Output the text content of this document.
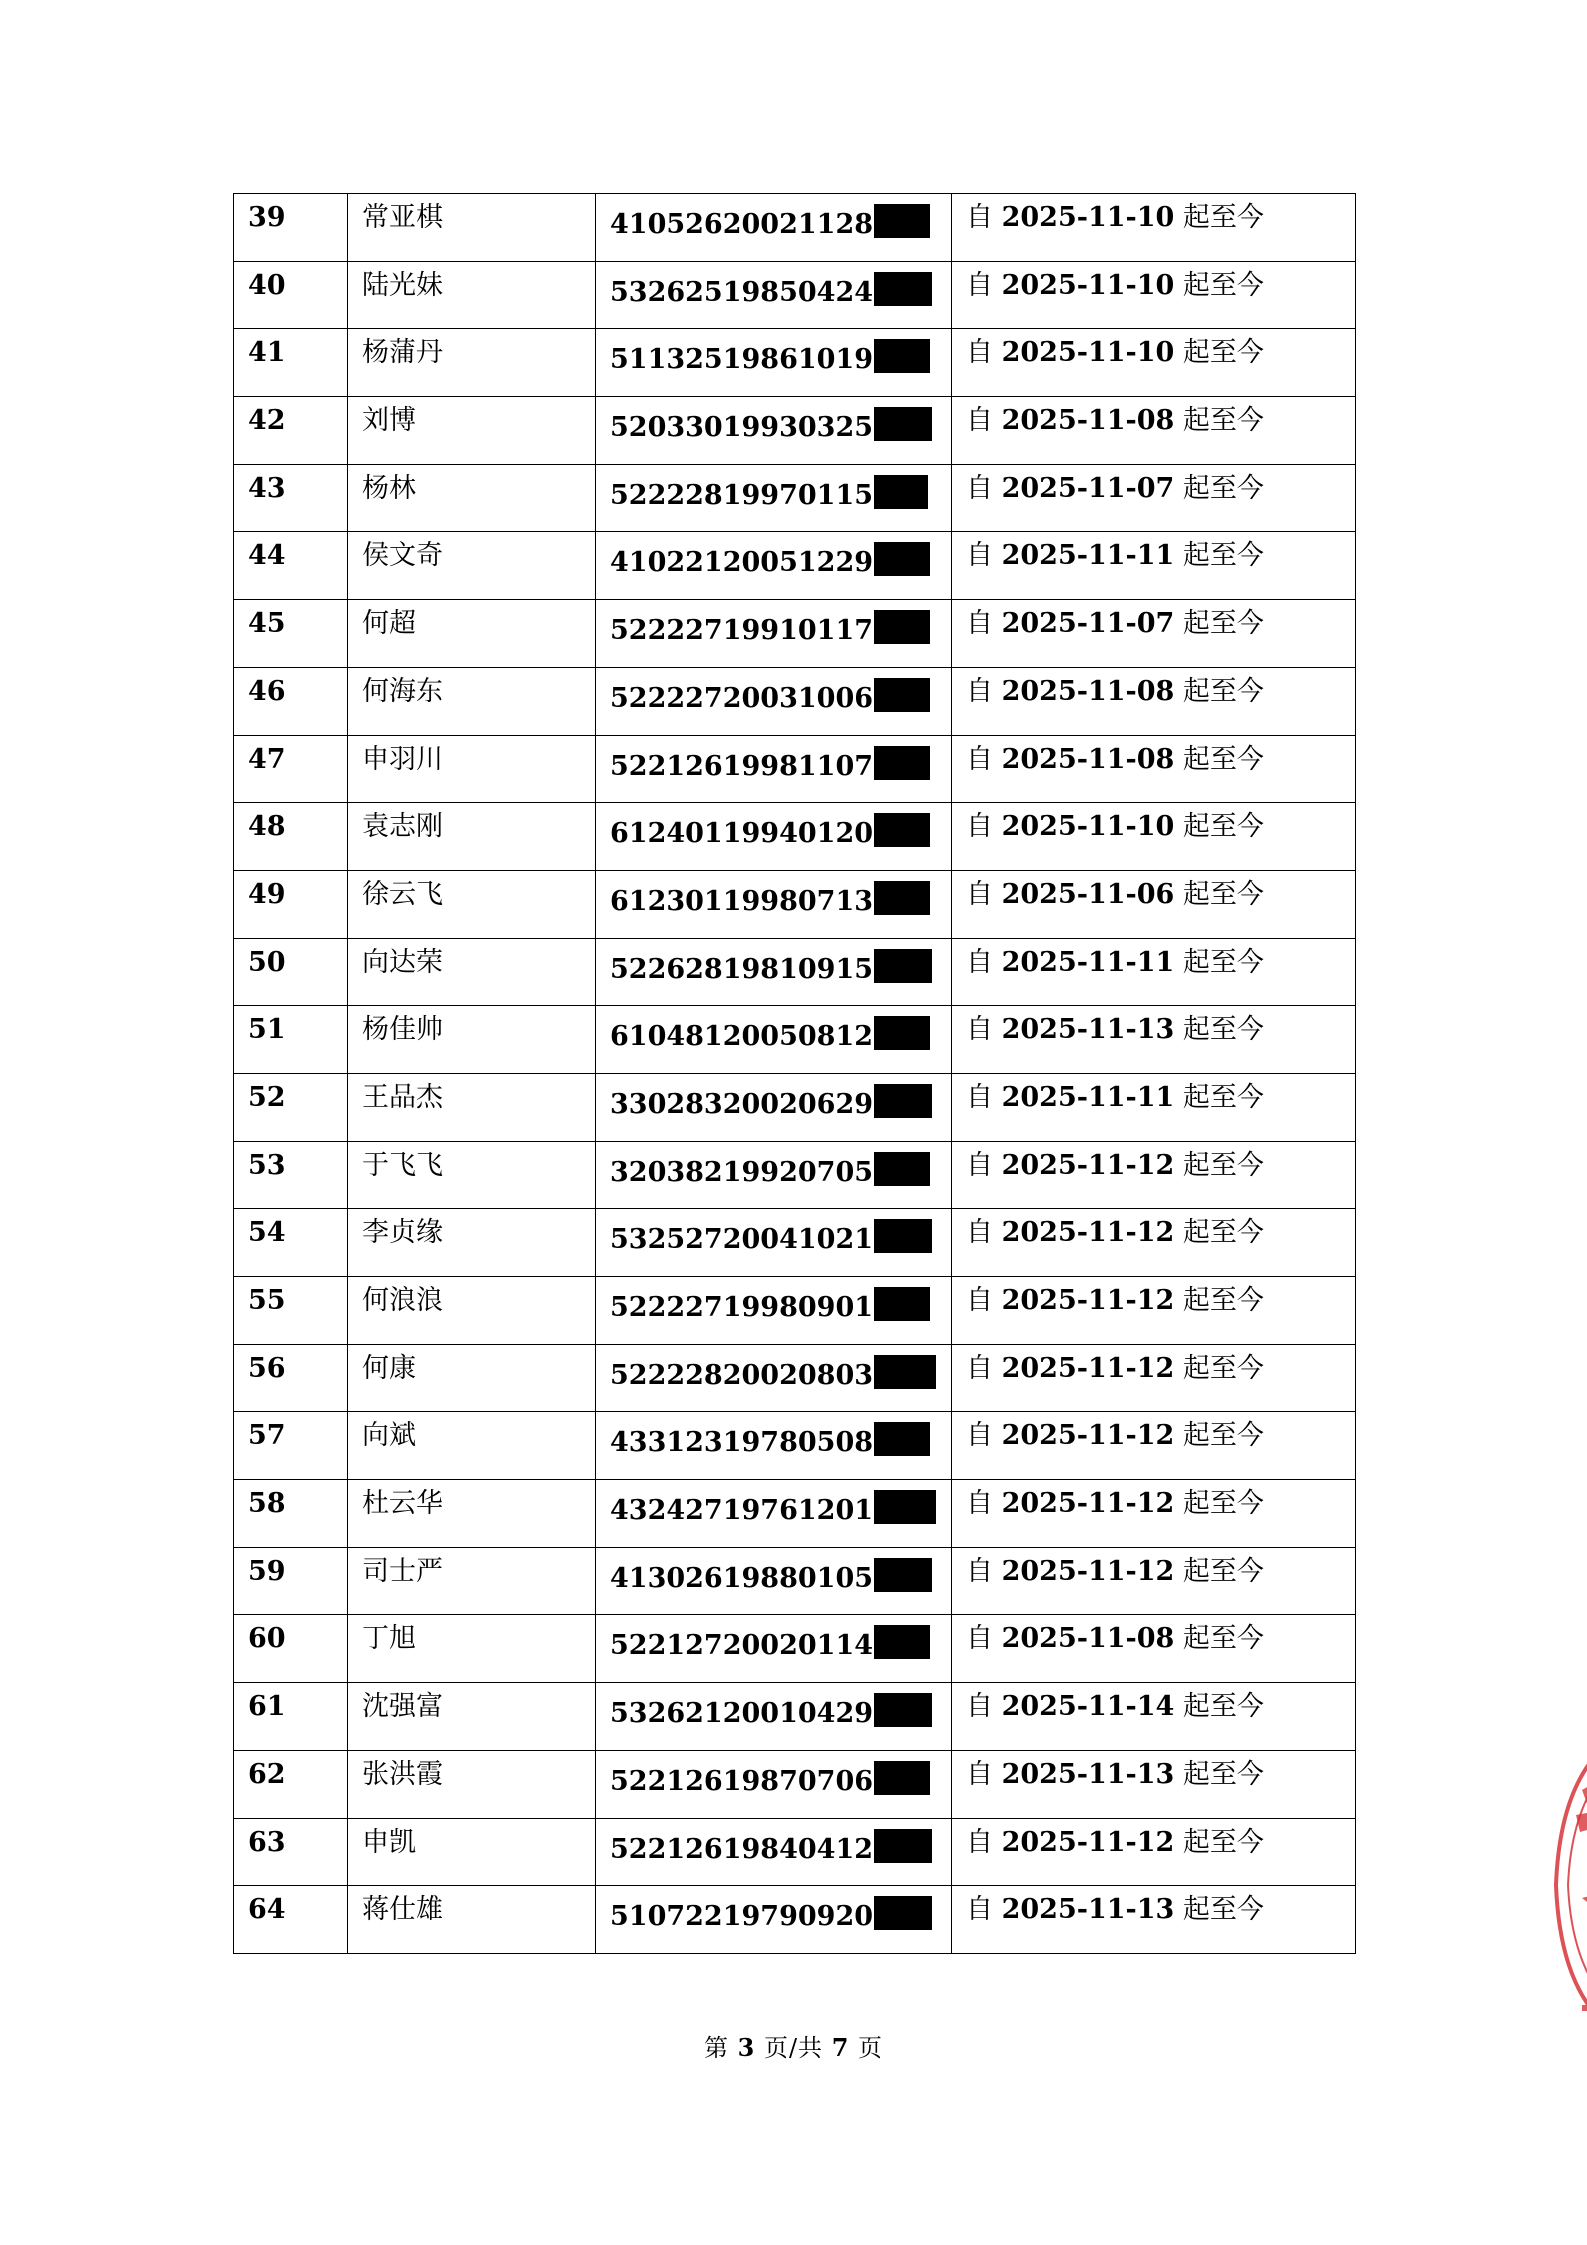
39	常亚棋	41052620021128	自 2025-11-10 起至今

40	陆光妹	53262519850424	自 2025-11-10 起至今

41	杨蒲丹	51132519861019	自 2025-11-10 起至今

42	刘博	52033019930325	自 2025-11-08 起至今

43	杨林	52222819970115	自 2025-11-07 起至今

44	侯文奇	41022120051229	自 2025-11-11 起至今

45	何超	52222719910117	自 2025-11-07 起至今

46	何海东	52222720031006	自 2025-11-08 起至今

47	申羽川	52212619981107	自 2025-11-08 起至今

48	袁志刚	61240119940120	自 2025-11-10 起至今

49	徐云飞	61230119980713	自 2025-11-06 起至今

50	向达荣	52262819810915	自 2025-11-11 起至今

51	杨佳帅	61048120050812	自 2025-11-13 起至今

52	王品杰	33028320020629	自 2025-11-11 起至今

53	于飞飞	32038219920705	自 2025-11-12 起至今

54	李贞缘	53252720041021	自 2025-11-12 起至今

55	何浪浪	52222719980901	自 2025-11-12 起至今

56	何康	52222820020803	自 2025-11-12 起至今

57	向斌	43312319780508	自 2025-11-12 起至今

58	杜云华	43242719761201	自 2025-11-12 起至今

59	司士严	41302619880105	自 2025-11-12 起至今

60	丁旭	52212720020114	自 2025-11-08 起至今

61	沈强富	53262120010429	自 2025-11-14 起至今

62	张洪霞	52212619870706	自 2025-11-13 起至今

63	申凯	52212619840412	自 2025-11-12 起至今

64	蒋仕雄	51072219790920	自 2025-11-13 起至今
第 3 页/共 7 页
